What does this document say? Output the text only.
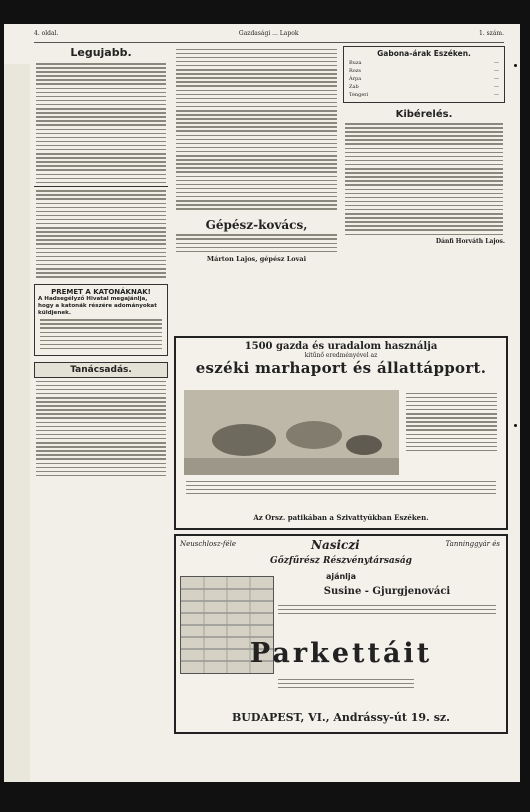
4. oldal.	Gazdasági ... Lapok	1. szám.
Legujabb.
PREMET A KATONÁKNAK!
A Hadsegélyző Hivatal megajánlja, hogy a katonák részére adományokat küldjenek.
Tanácsadás.
Gépész-kovács,
Márton Lajos, gépész Lovai
Gabona-árak Eszéken.
Buza	—
Rozs	—
Árpa	—
Zab	—
Tengeri	—
Kibérelés.
Dánfi Horváth Lajos.
1500 gazda és uradalom használja
kitűnő eredményével az
eszéki marhaport és állattápport.
Az Orsz. patikában a Szivattyúkban Eszéken.
Neuschlosz-féle	Nasiczi	Tanninggyár és
Gőzfűrész Részvénytársaság
ajánlja
Susine - Gjurgjenováci
Parkettáit
BUDAPEST, VI., Andrássy-út 19. sz.
